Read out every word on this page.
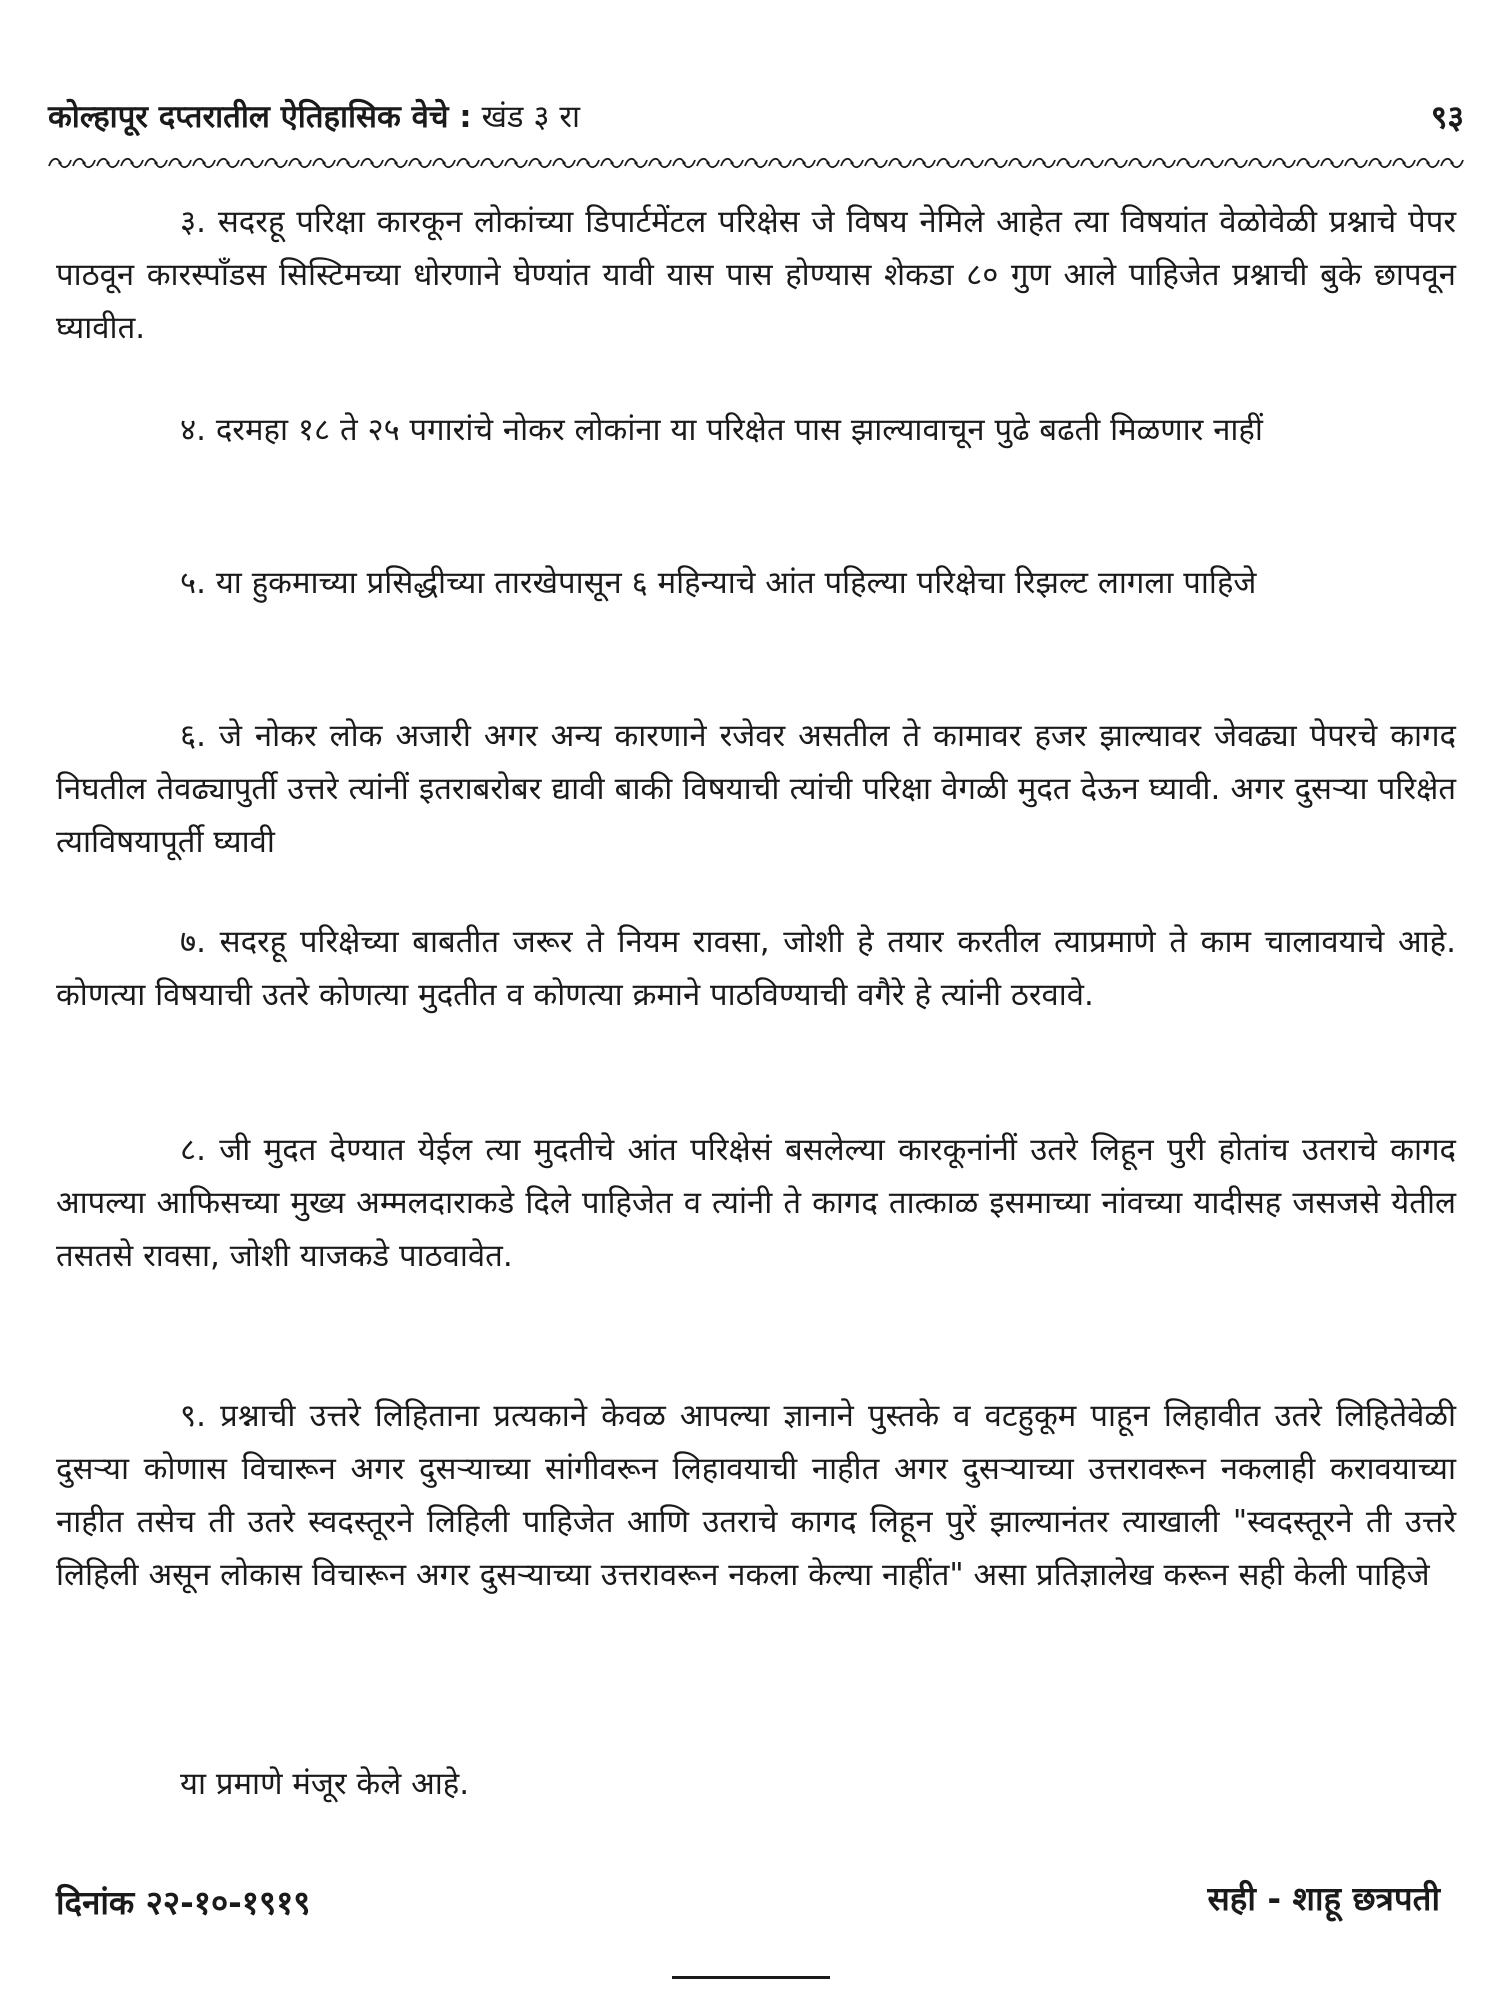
कोल्हापूर दप्तरातील ऐतिहासिक वेचे : खंड ३ रा	९३

३. सदरहू परिक्षा कारकून लोकांच्या डिपार्टमेंटल परिक्षेस जे विषय नेमिले आहेत त्या विषयांत वेळोवेळी प्रश्नाचे पेपर पाठवून कारस्पाँडस सिस्टिमच्या धोरणाने घेण्यांत यावी यास पास होण्यास शेकडा ८० गुण आले पाहिजेत प्रश्नाची बुके छापवून घ्यावीत.

४. दरमहा १८ ते २५ पगारांचे नोकर लोकांना या परिक्षेत पास झाल्यावाचून पुढे बढती मिळणार नाहीं

५. या हुकमाच्या प्रसिद्धीच्या तारखेपासून ६ महिन्याचे आंत पहिल्या परिक्षेचा रिझल्ट लागला पाहिजे

६. जे नोकर लोक अजारी अगर अन्य कारणाने रजेवर असतील ते कामावर हजर झाल्यावर जेवढ्या पेपरचे कागद निघतील तेवढ्यापुर्ती उत्तरे त्यांनीं इतराबरोबर द्यावी बाकी विषयाची त्यांची परिक्षा वेगळी मुदत देऊन घ्यावी. अगर दुसऱ्या परिक्षेत त्याविषयापूर्ती घ्यावी

७. सदरहू परिक्षेच्या बाबतीत जरूर ते नियम रावसा, जोशी हे तयार करतील त्याप्रमाणे ते काम चालावयाचे आहे. कोणत्या विषयाची उतरे कोणत्या मुदतीत व कोणत्या क्रमाने पाठविण्याची वगैरे हे त्यांनी ठरवावे.

८. जी मुदत देण्यात येईल त्या मुदतीचे आंत परिक्षेसं बसलेल्या कारकूनांनीं उतरे लिहून पुरी होतांच उतराचे कागद आपल्या आफिसच्या मुख्य अम्मलदाराकडे दिले पाहिजेत व त्यांनी ते कागद तात्काळ इसमाच्या नांवच्या यादीसह जसजसे येतील तसतसे रावसा, जोशी याजकडे पाठवावेत.

९. प्रश्नाची उत्तरे लिहिताना प्रत्यकाने केवळ आपल्या ज्ञानाने पुस्तके व वटहुकूम पाहून लिहावीत उतरे लिहितेवेळी दुसऱ्या कोणास विचारून अगर दुसऱ्याच्या सांगीवरून लिहावयाची नाहीत अगर दुसऱ्याच्या उत्तरावरून नकलाही करावयाच्या नाहीत तसेच ती उतरे स्वदस्तूरने लिहिली पाहिजेत आणि उतराचे कागद लिहून पुरें झाल्यानंतर त्याखाली "स्वदस्तूरने ती उत्तरे लिहिली असून लोकास विचारून अगर दुसऱ्याच्या उत्तरावरून नकला केल्या नाहींत" असा प्रतिज्ञालेख करून सही केली पाहिजे

या प्रमाणे मंजूर केले आहे.

दिनांक २२-१०-१९१९	सही - शाहू छत्रपती
